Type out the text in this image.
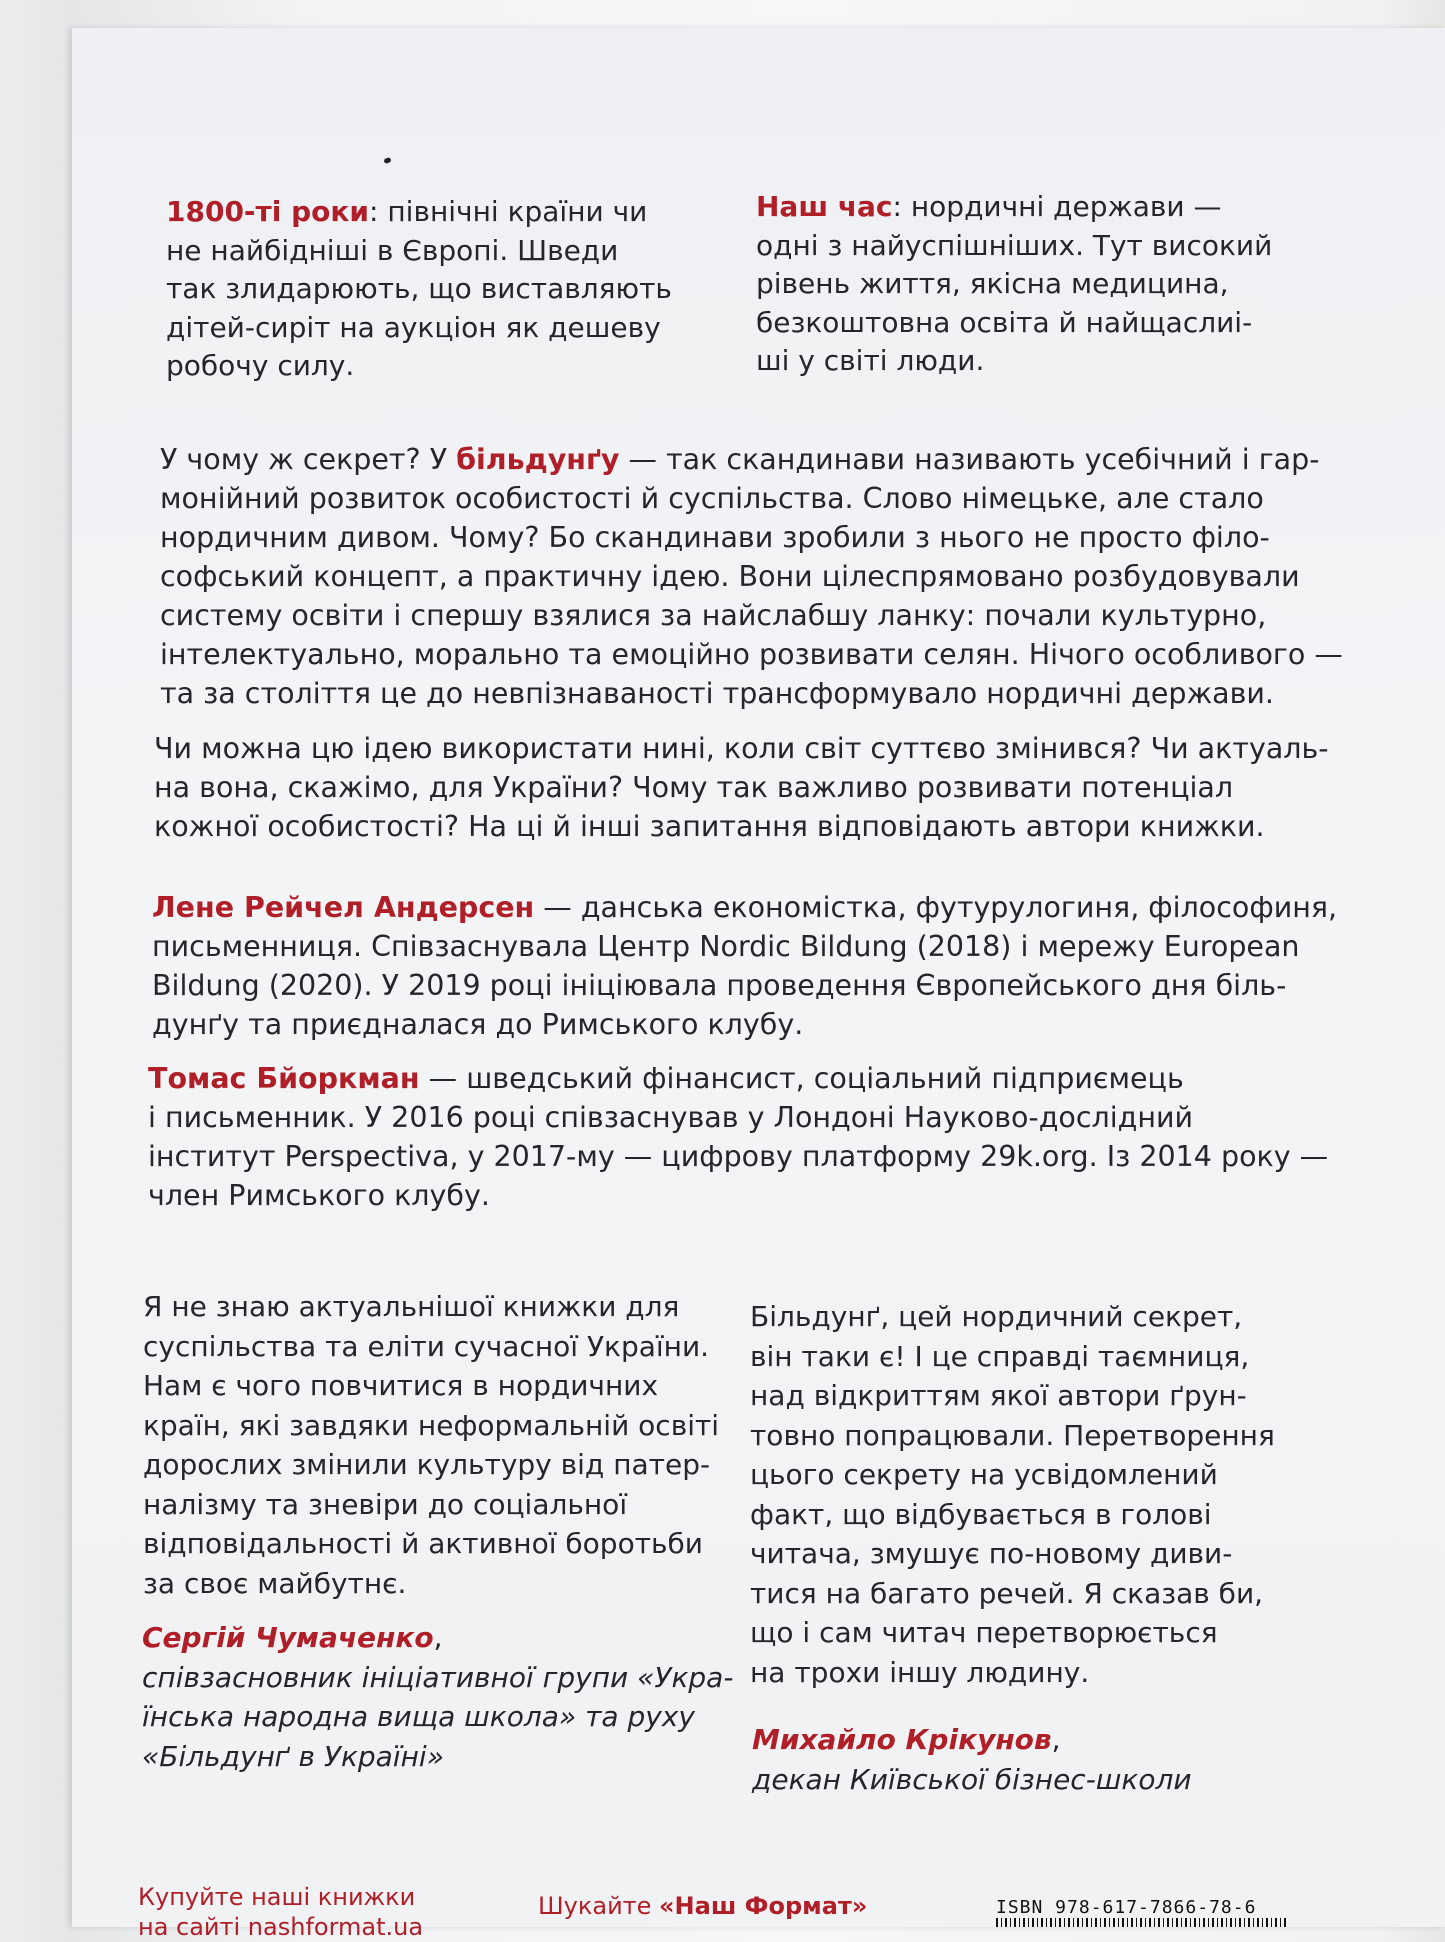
1800-ті роки: північні країни чи
не найбідніші в Європі. Шведи
так злидарюють, що виставляють
дітей-сиріт на аукціон як дешеву
робочу силу.
Наш час: нордичні держави —
одні з найуспішніших. Тут високий
рівень життя, якісна медицина,
безкоштовна освіта й найщаслиі-
ші у світі люди.
У чому ж секрет? У більдунґу — так скандинави називають усебічний і гар-
монійний розвиток особистості й суспільства. Слово німецьке, але стало
нордичним дивом. Чому? Бо скандинави зробили з нього не просто філо-
софський концепт, а практичну ідею. Вони цілеспрямовано розбудовували
систему освіти і спершу взялися за найслабшу ланку: почали культурно,
інтелектуально, морально та емоційно розвивати селян. Нічого особливого —
та за століття це до невпізнаваності трансформувало нордичні держави.
Чи можна цю ідею використати нині, коли світ суттєво змінився? Чи актуаль-
на вона, скажімо, для України? Чому так важливо розвивати потенціал
кожної особистості? На ці й інші запитання відповідають автори книжки.
Лене Рейчел Андерсен — данська економістка, футурулогиня, філософиня,
письменниця. Співзаснувала Центр Nordic Bildung (2018) і мережу European
Bildung (2020). У 2019 році ініціювала проведення Європейського дня біль-
дунґу та приєдналася до Римського клубу.
Томас Бйоркман — шведський фінансист, соціальний підприємець
і письменник. У 2016 році співзаснував у Лондоні Науково-дослідний
інститут Perspectiva, у 2017-му — цифрову платформу 29k.org. Із 2014 року —
член Римського клубу.
Я не знаю актуальнішої книжки для
суспільства та еліти сучасної України.
Нам є чого повчитися в нордичних
країн, які завдяки неформальній освіті
дорослих змінили культуру від патер-
налізму та зневіри до соціальної
відповідальності й активної боротьби
за своє майбутнє.
Сергій Чумаченко,
співзасновник ініціативної групи «Укра-
їнська народна вища школа» та руху
«Більдунґ в Україні»
Більдунґ, цей нордичний секрет,
він таки є! І це справді таємниця,
над відкриттям якої автори ґрун-
товно попрацювали. Перетворення
цього секрету на усвідомлений
факт, що відбувається в голові
читача, змушує по-новому диви-
тися на багато речей. Я сказав би,
що і сам читач перетворюється
на трохи іншу людину.
Михайло Крікунов,
декан Київської бізнес-школи
Купуйте наші книжки
на сайті nashformat.ua
Шукайте «Наш Формат»	ISBN 978-617-7866-78-6
